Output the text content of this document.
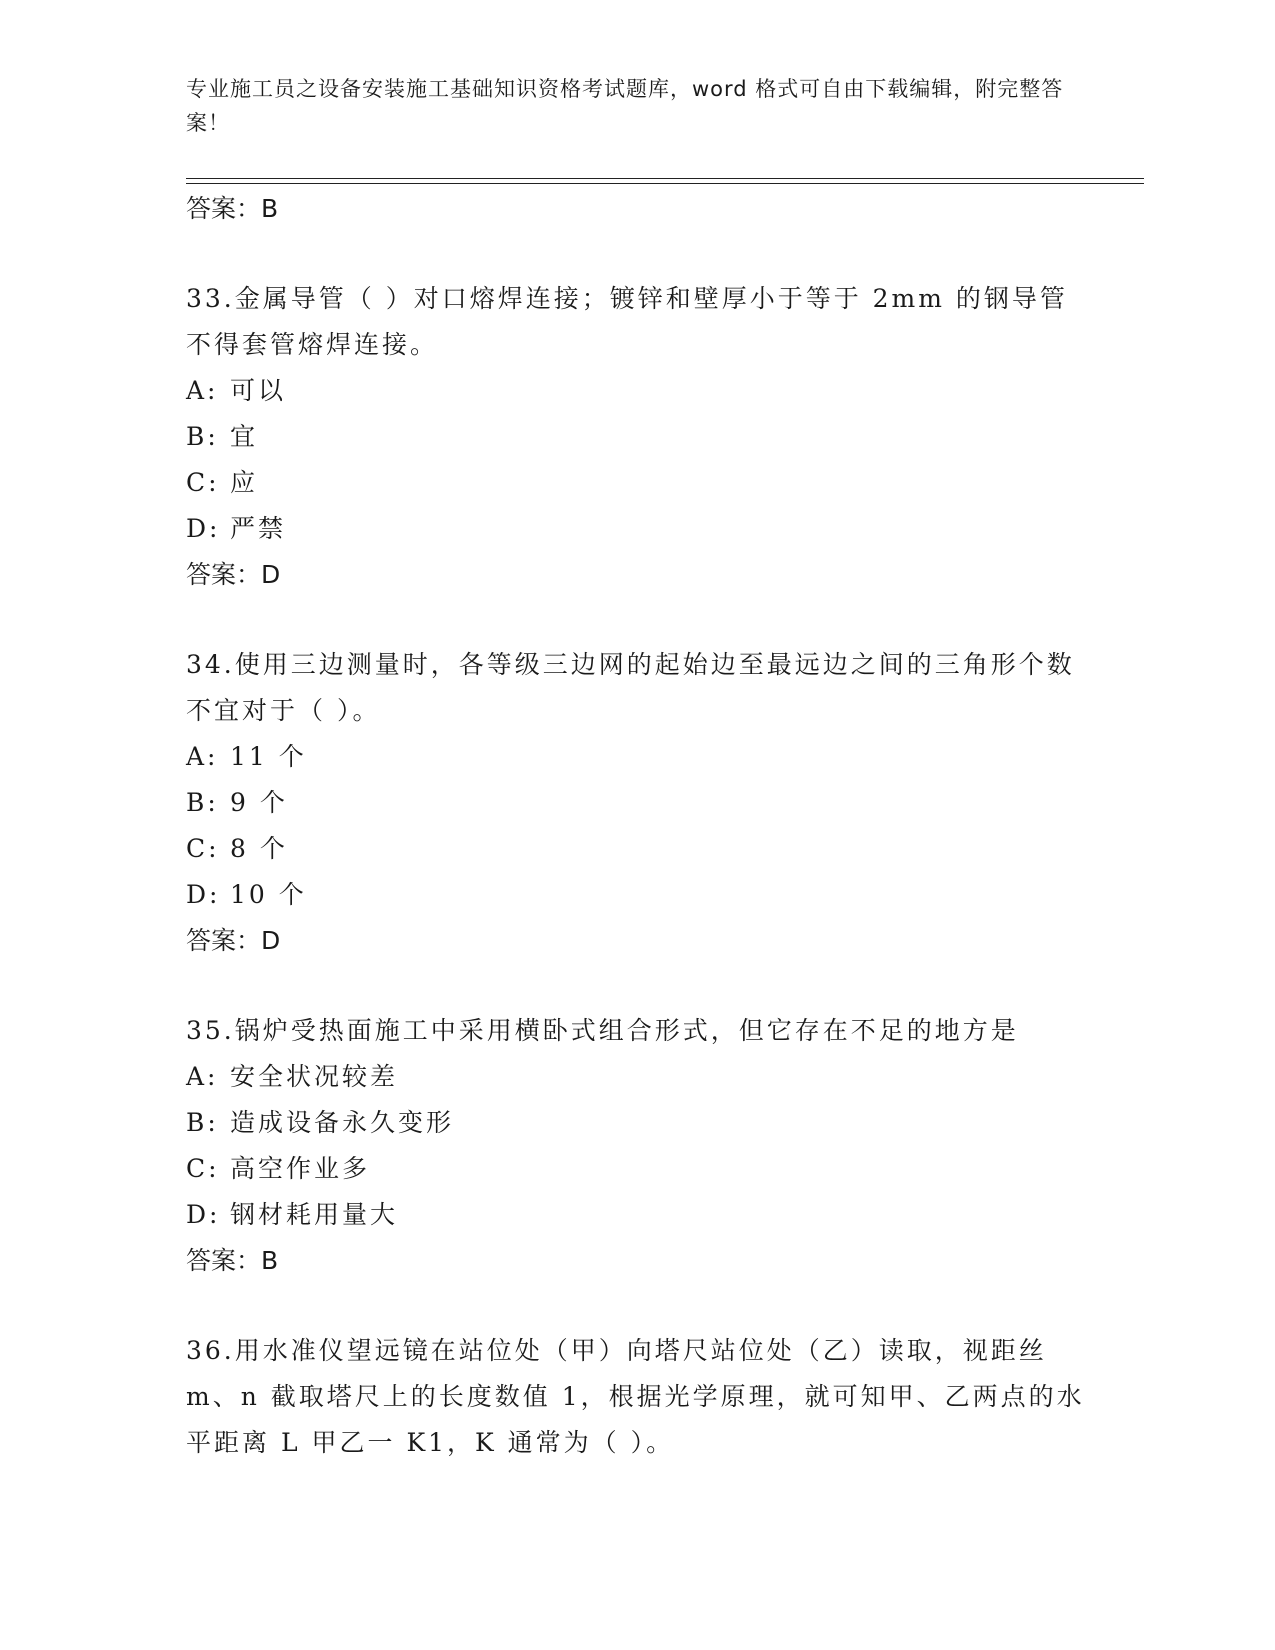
专业施工员之设备安装施工基础知识资格考试题库，word 格式可自由下载编辑，附完整答案！
答案：B

33.金属导管（ ）对口熔焊连接；镀锌和壁厚小于等于 2mm 的钢导管不得套管熔焊连接。

A: 可以
B: 宜
C: 应
D: 严禁
答案：D

34.使用三边测量时，各等级三边网的起始边至最远边之间的三角形个数不宜对于（ ）。

A: 11 个
B: 9 个
C: 8 个
D: 10 个
答案：D

35.锅炉受热面施工中采用横卧式组合形式，但它存在不足的地方是

A: 安全状况较差
B: 造成设备永久变形
C: 高空作业多
D: 钢材耗用量大
答案：B

36.用水准仪望远镜在站位处（甲）向塔尺站位处（乙）读取，视距丝 m、n 截取塔尺上的长度数值 1，根据光学原理，就可知甲、乙两点的水平距离 L 甲乙一 K1，K 通常为（ ）。
